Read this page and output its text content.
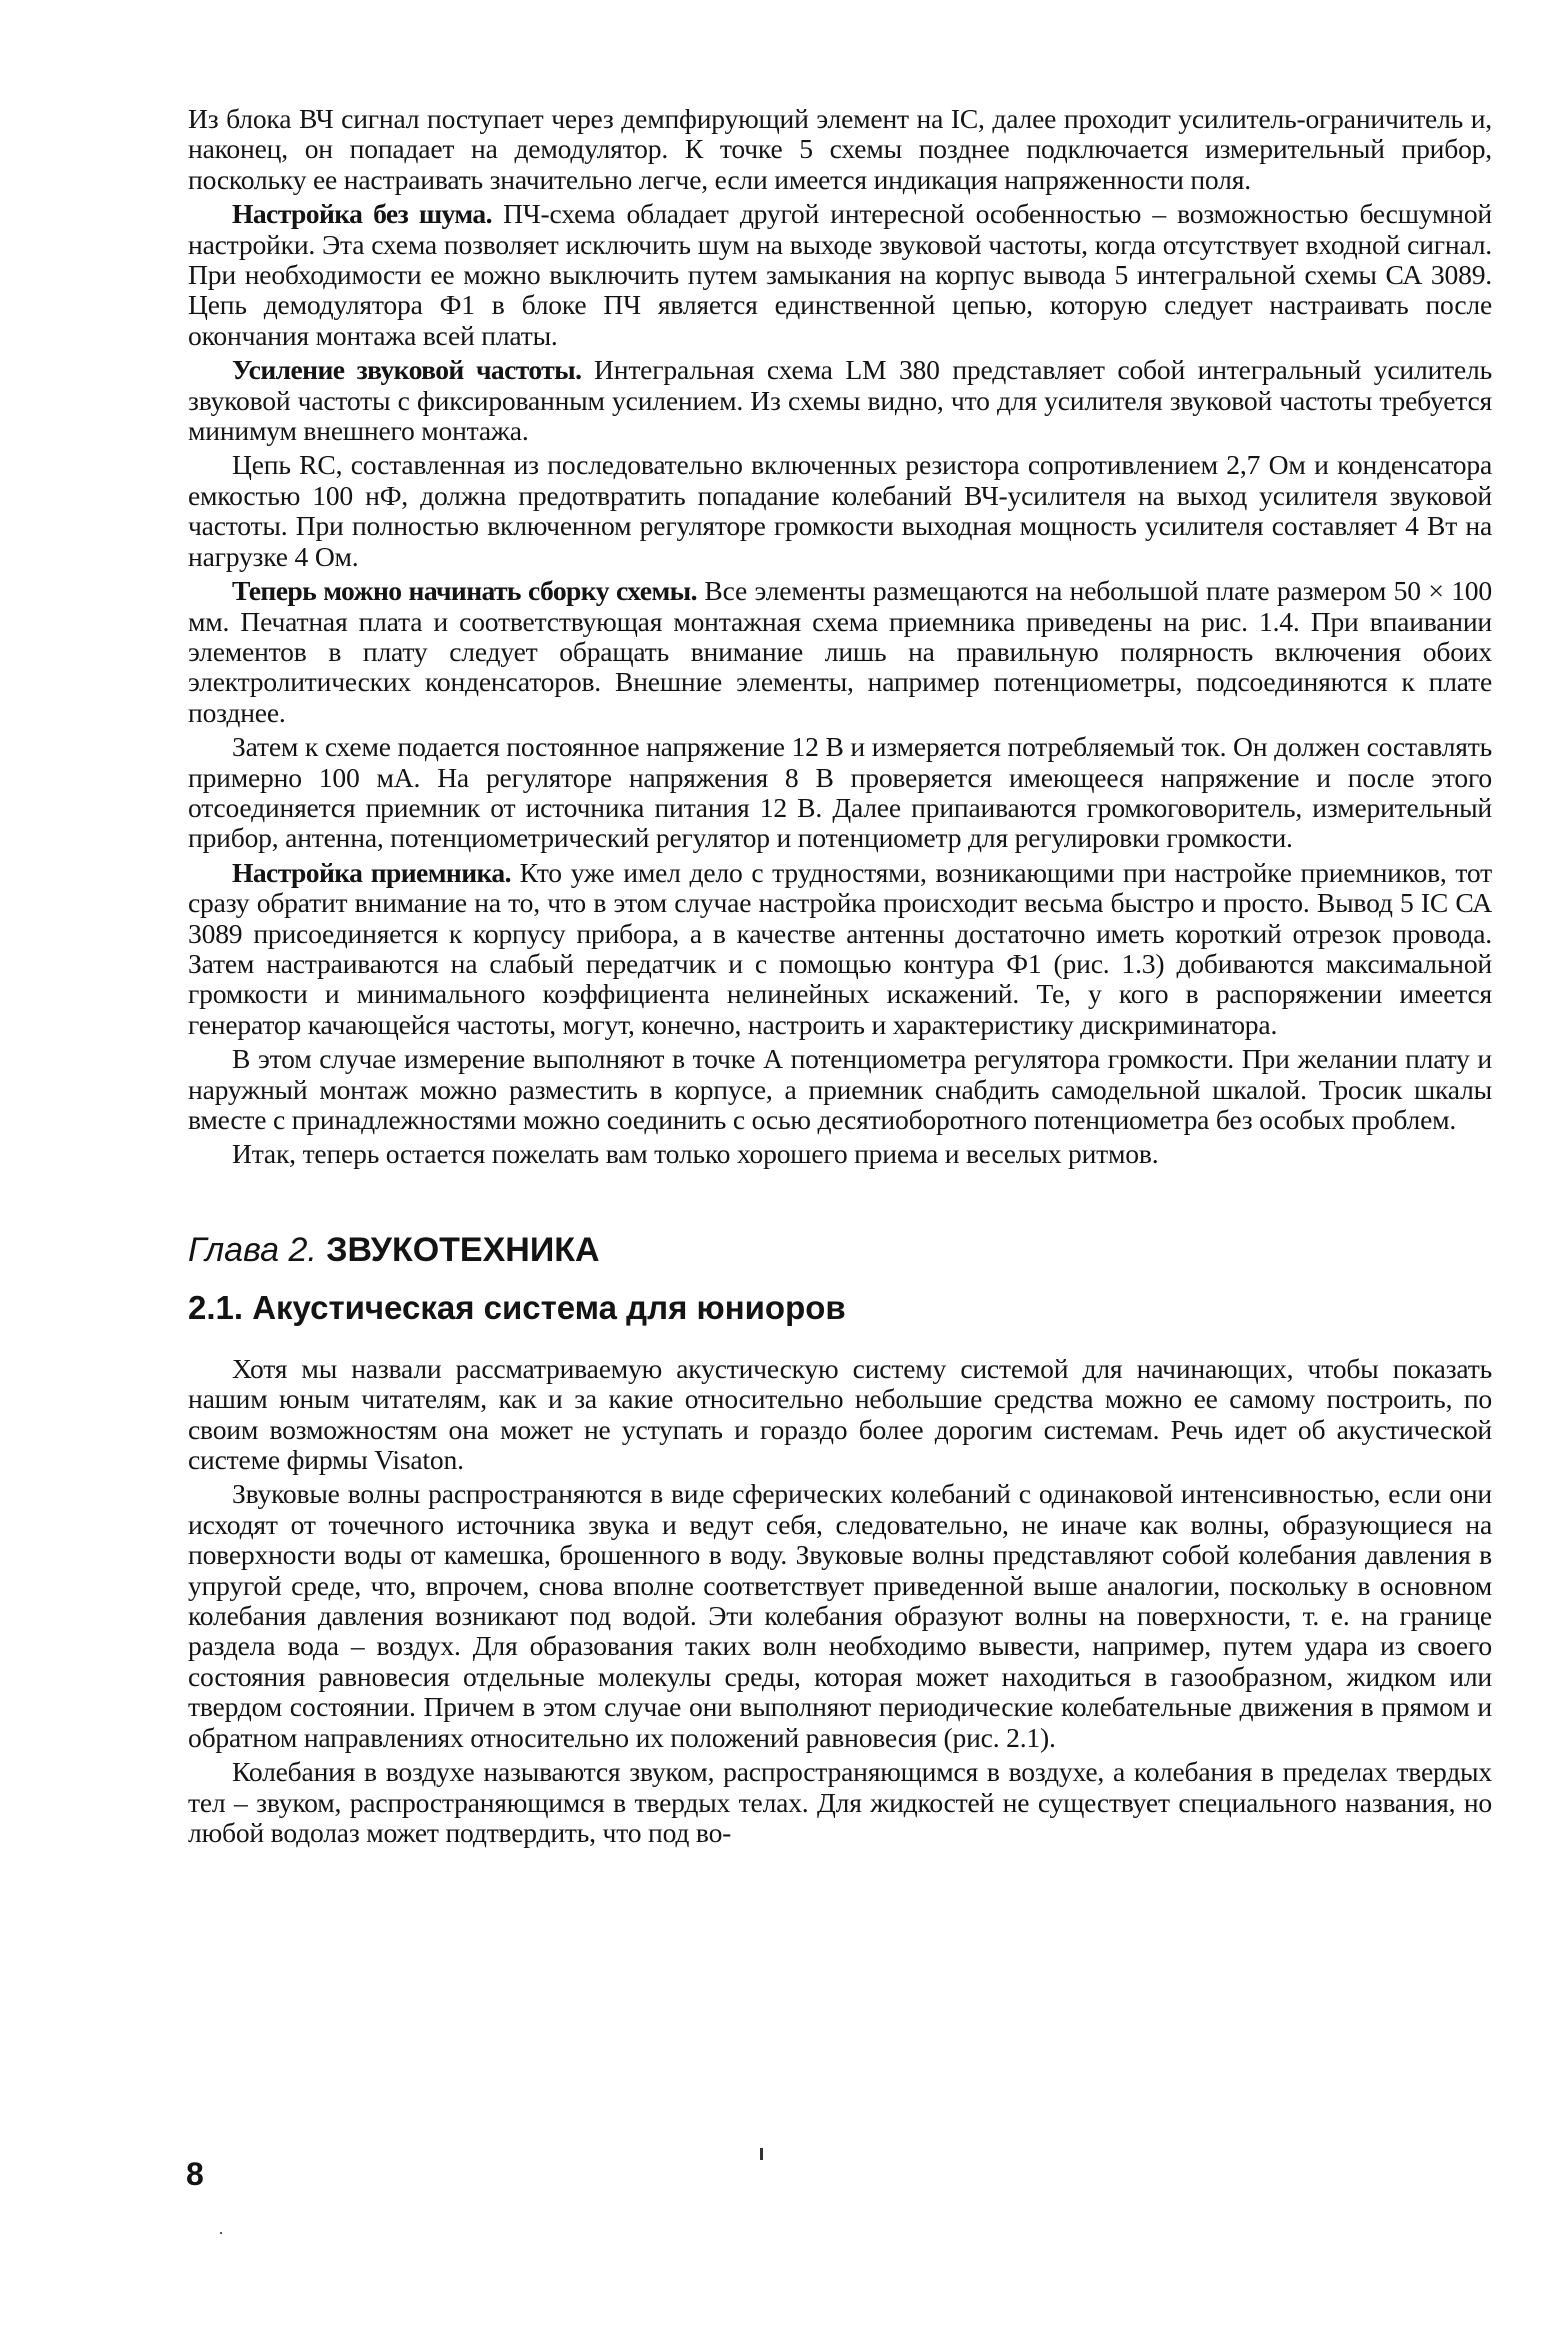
Из блока ВЧ сигнал поступает через демпфирующий элемент на IC, далее проходит усилитель-ограничитель и, наконец, он попадает на демодулятор. К точке 5 схемы позднее подключается измерительный прибор, поскольку ее настраивать значительно легче, если имеется индикация напряженности поля.

Настройка без шума. ПЧ-схема обладает другой интересной особенностью – возможностью бесшумной настройки. Эта схема позволяет исключить шум на выходе звуковой частоты, когда отсутствует входной сигнал. При необходимости ее можно выключить путем замыкания на корпус вывода 5 интегральной схемы СА 3089. Цепь демодулятора Ф1 в блоке ПЧ является единственной цепью, которую следует настраивать после окончания монтажа всей платы.

Усиление звуковой частоты. Интегральная схема LM 380 представляет собой интегральный усилитель звуковой частоты с фиксированным усилением. Из схемы видно, что для усилителя звуковой частоты требуется минимум внешнего монтажа.

Цепь RC, составленная из последовательно включенных резистора сопротивлением 2,7 Ом и конденсатора емкостью 100 нФ, должна предотвратить попадание колебаний ВЧ-усилителя на выход усилителя звуковой частоты. При полностью включенном регуляторе громкости выходная мощность усилителя составляет 4 Вт на нагрузке 4 Ом.

Теперь можно начинать сборку схемы. Все элементы размещаются на небольшой плате размером 50 × 100 мм. Печатная плата и соответствующая монтажная схема приемника приведены на рис. 1.4. При впаивании элементов в плату следует обращать внимание лишь на правильную полярность включения обоих электролитических конденсаторов. Внешние элементы, например потенциометры, подсоединяются к плате позднее.

Затем к схеме подается постоянное напряжение 12 В и измеряется потребляемый ток. Он должен составлять примерно 100 мА. На регуляторе напряжения 8 В проверяется имеющееся напряжение и после этого отсоединяется приемник от источника питания 12 В. Далее припаиваются громкоговоритель, измерительный прибор, антенна, потенциометрический регулятор и потенциометр для регулировки громкости.

Настройка приемника. Кто уже имел дело с трудностями, возникающими при настройке приемников, тот сразу обратит внимание на то, что в этом случае настройка происходит весьма быстро и просто. Вывод 5 IC СА 3089 присоединяется к корпусу прибора, а в качестве антенны достаточно иметь короткий отрезок провода. Затем настраиваются на слабый передатчик и с помощью контура Ф1 (рис. 1.3) добиваются максимальной громкости и минимального коэффициента нелинейных искажений. Те, у кого в распоряжении имеется генератор качающейся частоты, могут, конечно, настроить и характеристику дискриминатора.

В этом случае измерение выполняют в точке А потенциометра регулятора громкости. При желании плату и наружный монтаж можно разместить в корпусе, а приемник снабдить самодельной шкалой. Тросик шкалы вместе с принадлежностями можно соединить с осью десятиоборотного потенциометра без особых проблем.

Итак, теперь остается пожелать вам только хорошего приема и веселых ритмов.

Глава 2. ЗВУКОТЕХНИКА
2.1. Акустическая система для юниоров

Хотя мы назвали рассматриваемую акустическую систему системой для начинающих, чтобы показать нашим юным читателям, как и за какие относительно небольшие средства можно ее самому построить, по своим возможностям она может не уступать и гораздо более дорогим системам. Речь идет об акустической системе фирмы Visaton.

Звуковые волны распространяются в виде сферических колебаний с одинаковой интенсивностью, если они исходят от точечного источника звука и ведут себя, следовательно, не иначе как волны, образующиеся на поверхности воды от камешка, брошенного в воду. Звуковые волны представляют собой колебания давления в упругой среде, что, впрочем, снова вполне соответствует приведенной выше аналогии, поскольку в основном колебания давления возникают под водой. Эти колебания образуют волны на поверхности, т. е. на границе раздела вода – воздух. Для образования таких волн необходимо вывести, например, путем удара из своего состояния равновесия отдельные молекулы среды, которая может находиться в газообразном, жидком или твердом состоянии. Причем в этом случае они выполняют периодические колебательные движения в прямом и обратном направлениях относительно их положений равновесия (рис. 2.1).

Колебания в воздухе называются звуком, распространяющимся в воздухе, а колебания в пределах твердых тел – звуком, распространяющимся в твердых телах. Для жидкостей не существует специального названия, но любой водолаз может подтвердить, что под во-

8
